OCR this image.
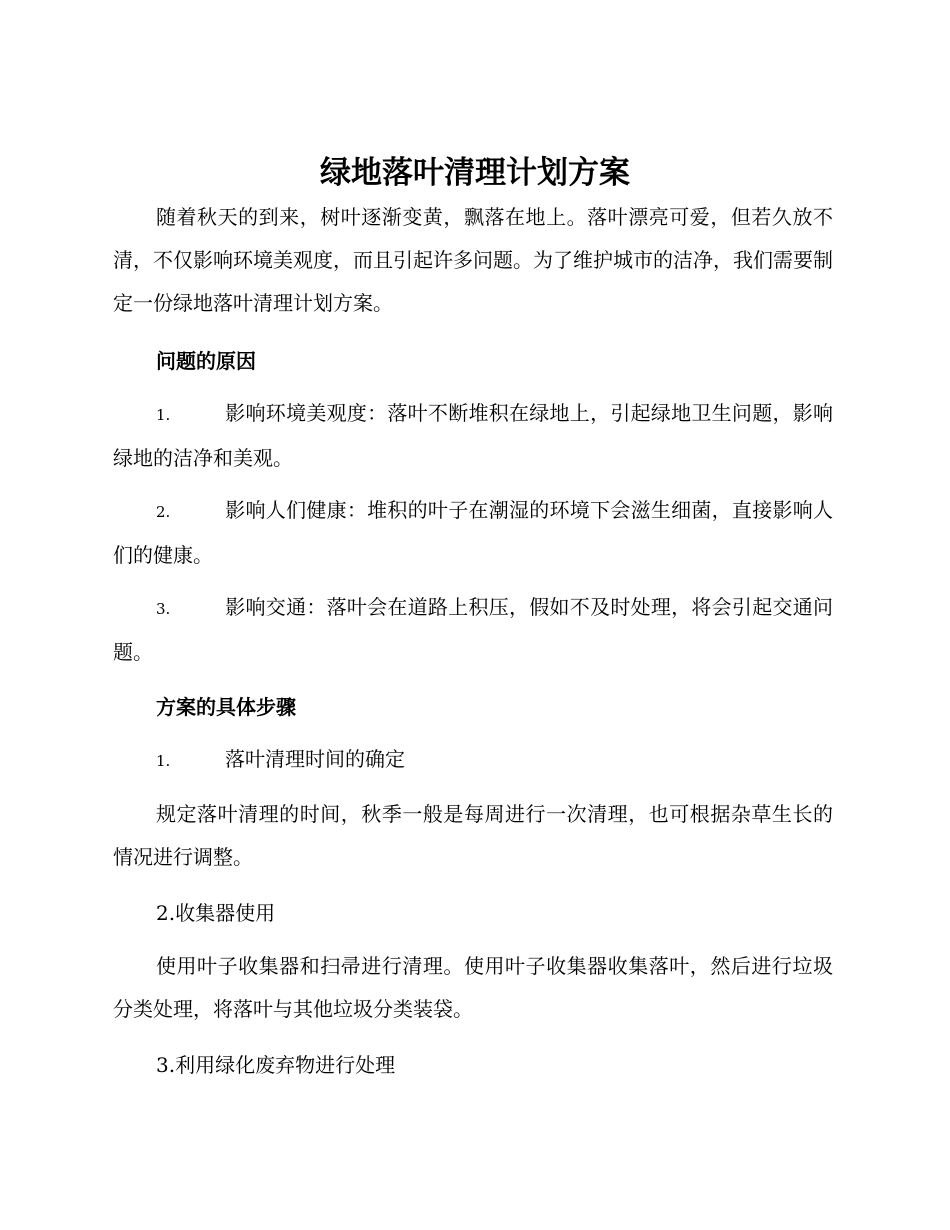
绿地落叶清理计划方案

随着秋天的到来，树叶逐渐变黄，飘落在地上。落叶漂亮可爱，但若久放不清，不仅影响环境美观度，而且引起许多问题。为了维护城市的洁净，我们需要制定一份绿地落叶清理计划方案。

问题的原因

1.	影响环境美观度：落叶不断堆积在绿地上，引起绿地卫生问题，影响绿地的洁净和美观。

2.	影响人们健康：堆积的叶子在潮湿的环境下会滋生细菌，直接影响人们的健康。

3.	影响交通：落叶会在道路上积压，假如不及时处理，将会引起交通问题。

方案的具体步骤

1.	落叶清理时间的确定

规定落叶清理的时间，秋季一般是每周进行一次清理，也可根据杂草生长的情况进行调整。

2.收集器使用

使用叶子收集器和扫帚进行清理。使用叶子收集器收集落叶，然后进行垃圾分类处理，将落叶与其他垃圾分类装袋。

3.利用绿化废弃物进行处理
